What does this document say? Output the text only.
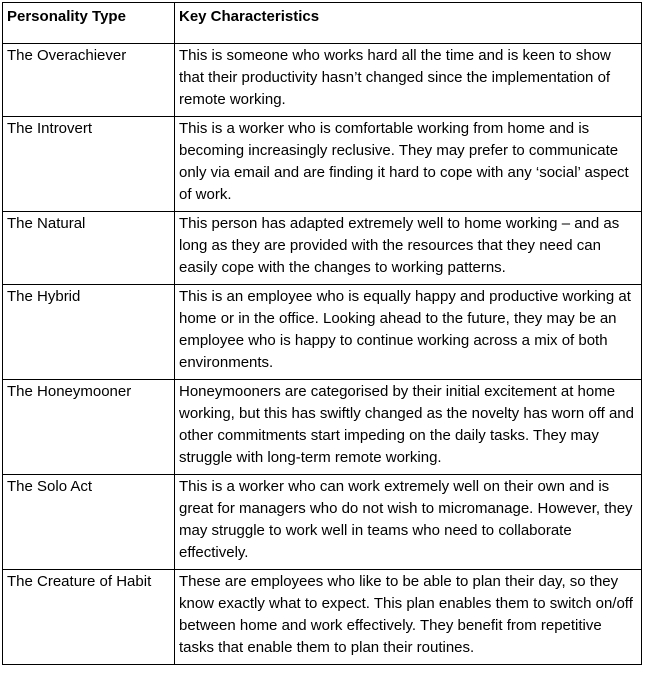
Personality Type	Key Characteristics
The Overachiever	This is someone who works hard all the time and is keen to show that their productivity hasn’t changed since the implementation of remote working.
The Introvert	This is a worker who is comfortable working from home and is becoming increasingly reclusive. They may prefer to communicate only via email and are finding it hard to cope with any ‘social’ aspect of work.
The Natural	This person has adapted extremely well to home working – and as long as they are provided with the resources that they need can easily cope with the changes to working patterns.
The Hybrid	This is an employee who is equally happy and productive working at home or in the office. Looking ahead to the future, they may be an employee who is happy to continue working across a mix of both environments.
The Honeymooner	Honeymooners are categorised by their initial excitement at home working, but this has swiftly changed as the novelty has worn off and other commitments start impeding on the daily tasks. They may struggle with long-term remote working.
The Solo Act	This is a worker who can work extremely well on their own and is great for managers who do not wish to micromanage. However, they may struggle to work well in teams who need to collaborate effectively.
The Creature of Habit	These are employees who like to be able to plan their day, so they know exactly what to expect. This plan enables them to switch on/off between home and work effectively. They benefit from repetitive tasks that enable them to plan their routines.
